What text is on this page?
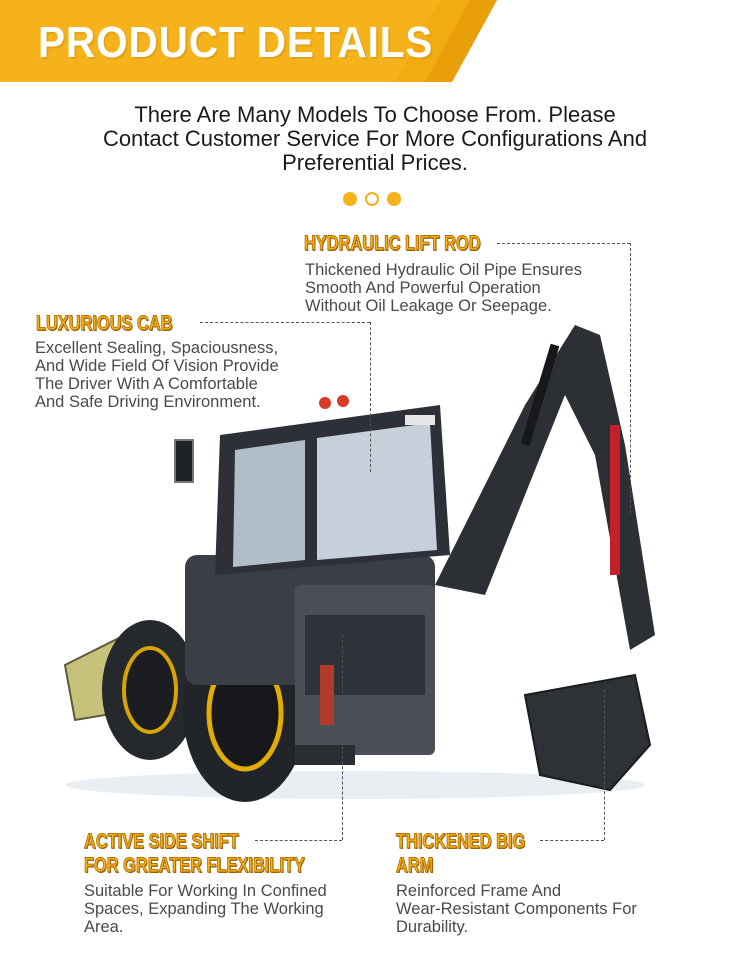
PRODUCT DETAILS
There Are Many Models To Choose From. Please
Contact Customer Service For More Configurations And
Preferential Prices.
HYDRAULIC LIFT ROD
Thickened Hydraulic Oil Pipe Ensures
Smooth And Powerful Operation
Without Oil Leakage Or Seepage.
LUXURIOUS CAB
Excellent Sealing, Spaciousness,
And Wide Field Of Vision Provide
The Driver With A Comfortable
And Safe Driving Environment.
ACTIVE SIDE SHIFT
FOR GREATER FLEXIBILITY
Suitable For Working In Confined
Spaces, Expanding The Working
Area.
THICKENED BIG
ARM
Reinforced Frame And
Wear-Resistant Components For
Durability.
